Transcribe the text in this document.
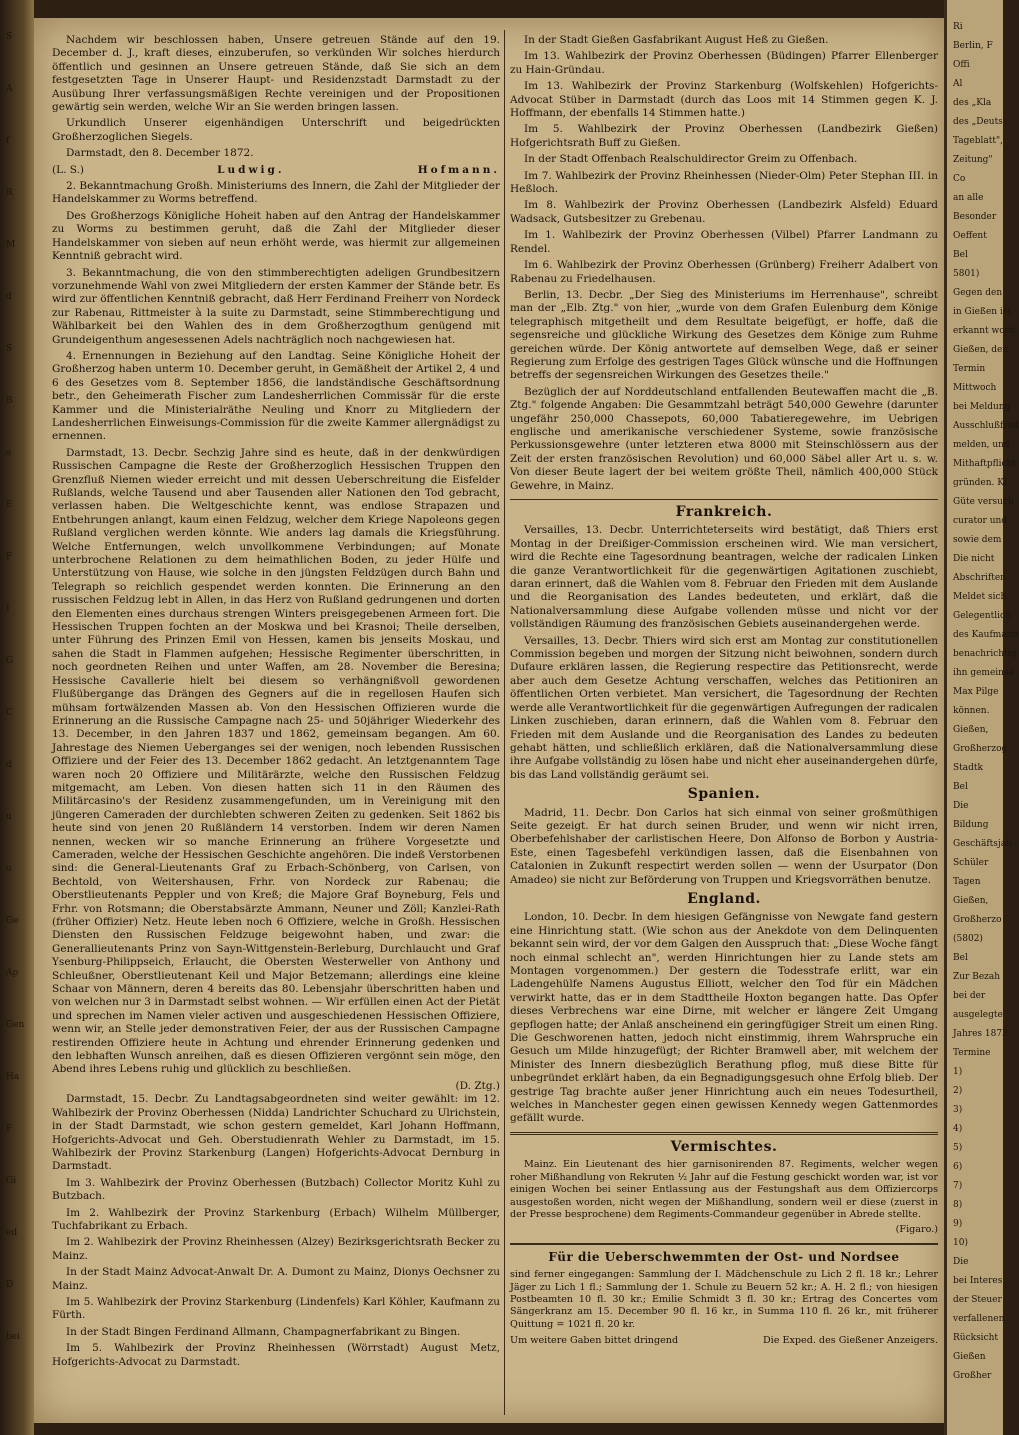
S
A
f
R
M
d
S
B
a
E
F
I
G
C
d
u
o
Ge
Ap
Gen
Ha
F
Gi
ed
D
bei

Nachdem wir beschlossen haben, Unsere getreuen Stände auf den 19. December d. J., kraft dieses, einzuberufen, so verkünden Wir solches hierdurch öffentlich und gesinnen an Unsere getreuen Stände, daß Sie sich an dem festgesetzten Tage in Unserer Haupt- und Residenzstadt Darmstadt zu der Ausübung Ihrer verfassungsmäßigen Rechte vereinigen und der Propositionen gewärtig sein werden, welche Wir an Sie werden bringen lassen.

Urkundlich Unserer eigenhändigen Unterschrift und beigedrückten Großherzoglichen Siegels.

Darmstadt, den 8. December 1872.

(L. S.)	Ludwig.	Hofmann.

2. Bekanntmachung Großh. Ministeriums des Innern, die Zahl der Mitglieder der Handelskammer zu Worms betreffend.

Des Großherzogs Königliche Hoheit haben auf den Antrag der Handelskammer zu Worms zu bestimmen geruht, daß die Zahl der Mitglieder dieser Handelskammer von sieben auf neun erhöht werde, was hiermit zur allgemeinen Kenntniß gebracht wird.

3. Bekanntmachung, die von den stimmberechtigten adeligen Grundbesitzern vorzunehmende Wahl von zwei Mitgliedern der ersten Kammer der Stände betr. Es wird zur öffentlichen Kenntniß gebracht, daß Herr Ferdinand Freiherr von Nordeck zur Rabenau, Rittmeister à la suite zu Darmstadt, seine Stimmberechtigung und Wählbarkeit bei den Wahlen des in dem Großherzogthum genügend mit Grundeigenthum angesessenen Adels nachträglich noch nachgewiesen hat.

4. Ernennungen in Beziehung auf den Landtag. Seine Königliche Hoheit der Großherzog haben unterm 10. December geruht, in Gemäßheit der Artikel 2, 4 und 6 des Gesetzes vom 8. September 1856, die landständische Geschäftsordnung betr., den Geheimerath Fischer zum Landesherrlichen Commissär für die erste Kammer und die Ministerialräthe Neuling und Knorr zu Mitgliedern der Landesherrlichen Einweisungs-Commission für die zweite Kammer allergnädigst zu ernennen.

Darmstadt, 13. Decbr. Sechzig Jahre sind es heute, daß in der denkwürdigen Russischen Campagne die Reste der Großherzoglich Hessischen Truppen den Grenzfluß Niemen wieder erreicht und mit dessen Ueberschreitung die Eisfelder Rußlands, welche Tausend und aber Tausenden aller Nationen den Tod gebracht, verlassen haben. Die Weltgeschichte kennt, was endlose Strapazen und Entbehrungen anlangt, kaum einen Feldzug, welcher dem Kriege Napoleons gegen Rußland verglichen werden könnte. Wie anders lag damals die Kriegsführung. Welche Entfernungen, welch unvollkommene Verbindungen; auf Monate unterbrochene Relationen zu dem heimathlichen Boden, zu jeder Hülfe und Unterstützung von Hause, wie solche in den jüngsten Feldzügen durch Bahn und Telegraph so reichlich gespendet werden konnten. Die Erinnerung an den russischen Feldzug lebt in Allen, in das Herz von Rußland gedrungenen und dorten den Elementen eines durchaus strengen Winters preisgegebenen Armeen fort. Die Hessischen Truppen fochten an der Moskwa und bei Krasnoi; Theile derselben, unter Führung des Prinzen Emil von Hessen, kamen bis jenseits Moskau, und sahen die Stadt in Flammen aufgehen; Hessische Regimenter überschritten, in noch geordneten Reihen und unter Waffen, am 28. November die Beresina; Hessische Cavallerie hielt bei diesem so verhängnißvoll gewordenen Flußübergange das Drängen des Gegners auf die in regellosen Haufen sich mühsam fortwälzenden Massen ab. Von den Hessischen Offizieren wurde die Erinnerung an die Russische Campagne nach 25- und 50jähriger Wiederkehr des 13. December, in den Jahren 1837 und 1862, gemeinsam begangen. Am 60. Jahrestage des Niemen Ueberganges sei der wenigen, noch lebenden Russischen Offiziere und der Feier des 13. December 1862 gedacht. An letztgenanntem Tage waren noch 20 Offiziere und Militärärzte, welche den Russischen Feldzug mitgemacht, am Leben. Von diesen hatten sich 11 in den Räumen des Militärcasino's der Residenz zusammengefunden, um in Vereinigung mit den jüngeren Cameraden der durchlebten schweren Zeiten zu gedenken. Seit 1862 bis heute sind von jenen 20 Rußländern 14 verstorben. Indem wir deren Namen nennen, wecken wir so manche Erinnerung an frühere Vorgesetzte und Cameraden, welche der Hessischen Geschichte angehören. Die indeß Verstorbenen sind: die General-Lieutenants Graf zu Erbach-Schönberg, von Carlsen, von Bechtold, von Weitershausen, Frhr. von Nordeck zur Rabenau; die Oberstlieutenants Peppler und von Kreß; die Majore Graf Boyneburg, Fels und Frhr. von Rotsmann; die Oberstabsärzte Ammann, Neuner und Zöll; Kanzlei-Rath (früher Offizier) Netz. Heute leben noch 6 Offiziere, welche in Großh. Hessischen Diensten den Russischen Feldzuge beigewohnt haben, und zwar: die Generallieutenants Prinz von Sayn-Wittgenstein-Berleburg, Durchlaucht und Graf Ysenburg-Philippseich, Erlaucht, die Obersten Westerweller von Anthony und Schleußner, Oberstlieutenant Keil und Major Betzemann; allerdings eine kleine Schaar von Männern, deren 4 bereits das 80. Lebensjahr überschritten haben und von welchen nur 3 in Darmstadt selbst wohnen. — Wir erfüllen einen Act der Pietät und sprechen im Namen vieler activen und ausgeschiedenen Hessischen Offiziere, wenn wir, an Stelle jeder demonstrativen Feier, der aus der Russischen Campagne restirenden Offiziere heute in Achtung und ehrender Erinnerung gedenken und den lebhaften Wunsch anreihen, daß es diesen Offizieren vergönnt sein möge, den Abend ihres Lebens ruhig und glücklich zu beschließen.

(D. Ztg.)

Darmstadt, 15. Decbr. Zu Landtagsabgeordneten sind weiter gewählt: im 12. Wahlbezirk der Provinz Oberhessen (Nidda) Landrichter Schuchard zu Ulrichstein, in der Stadt Darmstadt, wie schon gestern gemeldet, Karl Johann Hoffmann, Hofgerichts-Advocat und Geh. Oberstudienrath Wehler zu Darmstadt, im 15. Wahlbezirk der Provinz Starkenburg (Langen) Hofgerichts-Advocat Dernburg in Darmstadt.

Im 3. Wahlbezirk der Provinz Oberhessen (Butzbach) Collector Moritz Kuhl zu Butzbach.

Im 2. Wahlbezirk der Provinz Starkenburg (Erbach) Wilhelm Müllberger, Tuchfabrikant zu Erbach.

Im 2. Wahlbezirk der Provinz Rheinhessen (Alzey) Bezirksgerichtsrath Becker zu Mainz.

In der Stadt Mainz Advocat-Anwalt Dr. A. Dumont zu Mainz, Dionys Oechsner zu Mainz.

Im 5. Wahlbezirk der Provinz Starkenburg (Lindenfels) Karl Köhler, Kaufmann zu Fürth.

In der Stadt Bingen Ferdinand Allmann, Champagnerfabrikant zu Bingen.

Im 5. Wahlbezirk der Provinz Rheinhessen (Wörrstadt) August Metz, Hofgerichts-Advocat zu Darmstadt.

In der Stadt Gießen Gasfabrikant August Heß zu Gießen.

Im 13. Wahlbezirk der Provinz Oberhessen (Büdingen) Pfarrer Ellenberger zu Hain-Gründau.

Im 13. Wahlbezirk der Provinz Starkenburg (Wolfskehlen) Hofgerichts-Advocat Stüber in Darmstadt (durch das Loos mit 14 Stimmen gegen K. J. Hoffmann, der ebenfalls 14 Stimmen hatte.)

Im 5. Wahlbezirk der Provinz Oberhessen (Landbezirk Gießen) Hofgerichtsrath Buff zu Gießen.

In der Stadt Offenbach Realschuldirector Greim zu Offenbach.

Im 7. Wahlbezirk der Provinz Rheinhessen (Nieder-Olm) Peter Stephan III. in Heßloch.

Im 8. Wahlbezirk der Provinz Oberhessen (Landbezirk Alsfeld) Eduard Wadsack, Gutsbesitzer zu Grebenau.

Im 1. Wahlbezirk der Provinz Oberhessen (Vilbel) Pfarrer Landmann zu Rendel.

Im 6. Wahlbezirk der Provinz Oberhessen (Grünberg) Freiherr Adalbert von Rabenau zu Friedelhausen.

Berlin, 13. Decbr. „Der Sieg des Ministeriums im Herrenhause", schreibt man der „Elb. Ztg." von hier, „wurde von dem Grafen Eulenburg dem Könige telegraphisch mitgetheilt und dem Resultate beigefügt, er hoffe, daß die segensreiche und glückliche Wirkung des Gesetzes dem Könige zum Ruhme gereichen würde. Der König antwortete auf demselben Wege, daß er seiner Regierung zum Erfolge des gestrigen Tages Glück wünsche und die Hoffnungen betreffs der segensreichen Wirkungen des Gesetzes theile."

Bezüglich der auf Norddeutschland entfallenden Beutewaffen macht die „B. Ztg." folgende Angaben: Die Gesammtzahl beträgt 540,000 Gewehre (darunter ungefähr 250,000 Chassepots, 60,000 Tabatieregewehre, im Uebrigen englische und amerikanische verschiedener Systeme, sowie französische Perkussionsgewehre (unter letzteren etwa 8000 mit Steinschlössern aus der Zeit der ersten französischen Revolution) und 60,000 Säbel aller Art u. s. w. Von dieser Beute lagert der bei weitem größte Theil, nämlich 400,000 Stück Gewehre, in Mainz.

Frankreich.

Versailles, 13. Decbr. Unterrichteterseits wird bestätigt, daß Thiers erst Montag in der Dreißiger-Commission erscheinen wird. Wie man versichert, wird die Rechte eine Tagesordnung beantragen, welche der radicalen Linken die ganze Verantwortlichkeit für die gegenwärtigen Agitationen zuschiebt, daran erinnert, daß die Wahlen vom 8. Februar den Frieden mit dem Auslande und die Reorganisation des Landes bedeuteten, und erklärt, daß die Nationalversammlung diese Aufgabe vollenden müsse und nicht vor der vollständigen Räumung des französischen Gebiets auseinandergehen werde.

Versailles, 13. Decbr. Thiers wird sich erst am Montag zur constitutionellen Commission begeben und morgen der Sitzung nicht beiwohnen, sondern durch Dufaure erklären lassen, die Regierung respectire das Petitionsrecht, werde aber auch dem Gesetze Achtung verschaffen, welches das Petitioniren an öffentlichen Orten verbietet. Man versichert, die Tagesordnung der Rechten werde alle Verantwortlichkeit für die gegenwärtigen Aufregungen der radicalen Linken zuschieben, daran erinnern, daß die Wahlen vom 8. Februar den Frieden mit dem Auslande und die Reorganisation des Landes zu bedeuten gehabt hätten, und schließlich erklären, daß die Nationalversammlung diese ihre Aufgabe vollständig zu lösen habe und nicht eher auseinandergehen dürfe, bis das Land vollständig geräumt sei.

Spanien.

Madrid, 11. Decbr. Don Carlos hat sich einmal von seiner großmüthigen Seite gezeigt. Er hat durch seinen Bruder, und wenn wir nicht irren, Oberbefehlshaber der carlistischen Heere, Don Alfonso de Borbon y Austria-Este, einen Tagesbefehl verkündigen lassen, daß die Eisenbahnen von Catalonien in Zukunft respectirt werden sollen — wenn der Usurpator (Don Amadeo) sie nicht zur Beförderung von Truppen und Kriegsvorräthen benutze.

England.

London, 10. Decbr. In dem hiesigen Gefängnisse von Newgate fand gestern eine Hinrichtung statt. (Wie schon aus der Anekdote von dem Delinquenten bekannt sein wird, der vor dem Galgen den Ausspruch that: „Diese Woche fängt noch einmal schlecht an", werden Hinrichtungen hier zu Lande stets am Montagen vorgenommen.) Der gestern die Todesstrafe erlitt, war ein Ladengehülfe Namens Augustus Elliott, welcher den Tod für ein Mädchen verwirkt hatte, das er in dem Stadttheile Hoxton begangen hatte. Das Opfer dieses Verbrechens war eine Dirne, mit welcher er längere Zeit Umgang gepflogen hatte; der Anlaß anscheinend ein geringfügiger Streit um einen Ring. Die Geschworenen hatten, jedoch nicht einstimmig, ihrem Wahrspruche ein Gesuch um Milde hinzugefügt; der Richter Bramwell aber, mit welchem der Minister des Innern diesbezüglich Berathung pflog, muß diese Bitte für unbegründet erklärt haben, da ein Begnadigungsgesuch ohne Erfolg blieb. Der gestrige Tag brachte außer jener Hinrichtung auch ein neues Todesurtheil, welches in Manchester gegen einen gewissen Kennedy wegen Gattenmordes gefällt wurde.

Vermischtes.

Mainz. Ein Lieutenant des hier garnisonirenden 87. Regiments, welcher wegen roher Mißhandlung von Rekruten ½ Jahr auf die Festung geschickt worden war, ist vor einigen Wochen bei seiner Entlassung aus der Festungshaft aus dem Offiziercorps ausgestoßen worden, nicht wegen der Mißhandlung, sondern weil er diese (zuerst in der Presse besprochene) dem Regiments-Commandeur gegenüber in Abrede stellte.

(Figaro.)
Für die Ueberschwemmten der Ost- und Nordsee

sind ferner eingegangen: Sammlung der I. Mädchenschule zu Lich 2 fl. 18 kr.; Lehrer Jäger zu Lich 1 fl.; Sammlung der 1. Schule zu Beuern 52 kr.; A. H. 2 fl.; von hiesigen Postbeamten 10 fl. 30 kr.; Emilie Schmidt 3 fl. 30 kr.; Ertrag des Concertes vom Sängerkranz am 15. December 90 fl. 16 kr., in Summa 110 fl. 26 kr., mit früherer Quittung = 1021 fl. 20 kr.

Um weitere Gaben bittet dringend	Die Exped. des Gießener Anzeigers.
Ri
Berlin, F
Offi
Al
des „Kla
des „Deuts
Tageblatt",
Zeitung"
Co
an alle
Besonder
Oeffent
Bel
5801)
Gegen den
in Gießen ist
erkannt word
Gießen, den
Termin
Mittwoch
bei Meldung
Ausschlußfrist
melden, und
Mithaftpflicht
gründen. Ki
Güte versuch
curator und
sowie dem
Die nicht
Abschriften
Meldet sich
Gelegentlich
des Kaufmann
benachrichtig
ihn gemeinsa
Max Pilge
können.
Gießen,
Großherzog
Stadtk
Bel
Die
Bildung
Geschäftsjah
Schüler
Tagen
Gießen,
Großherzo
(5802)
Bel
Zur Bezah
bei der
ausgelegte
Jahres 1873
Termine
1)
2)
3)
4)
5)
6)
7)
8)
9)
10)
Die
bei Interes
der Steuer
verfallenen
Rücksicht
Gießen
Großher
